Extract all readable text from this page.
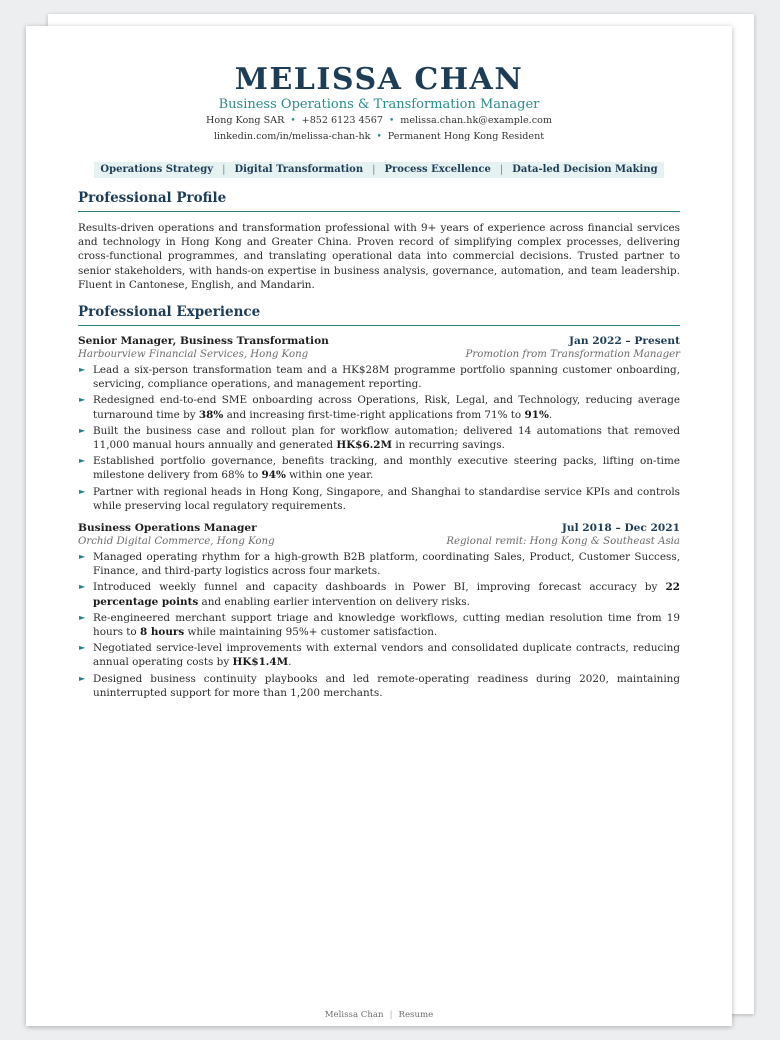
MELISSA CHAN
Business Operations & Transformation Manager
Hong Kong SAR • +852 6123 4567 • melissa.chan.hk@example.com
linkedin.com/in/melissa-chan-hk • Permanent Hong Kong Resident
Operations Strategy | Digital Transformation | Process Excellence | Data-led Decision Making
Professional Profile
Results-driven operations and transformation professional with 9+ years of experience across financial services and technology in Hong Kong and Greater China. Proven record of simplifying complex processes, delivering cross-functional programmes, and translating operational data into commercial decisions. Trusted partner to senior stakeholders, with hands-on expertise in business analysis, governance, automation, and team leadership. Fluent in Cantonese, English, and Mandarin.
Professional Experience
Senior Manager, Business Transformation	Jan 2022 – Present
Harbourview Financial Services, Hong Kong	Promotion from Transformation Manager
► Lead a six-person transformation team and a HK$28M programme portfolio spanning customer onboarding, servicing, compliance operations, and management reporting.
► Redesigned end-to-end SME onboarding across Operations, Risk, Legal, and Technology, reducing average turnaround time by 38% and increasing first-time-right applications from 71% to 91%.
► Built the business case and rollout plan for workflow automation; delivered 14 automations that removed 11,000 manual hours annually and generated HK$6.2M in recurring savings.
► Established portfolio governance, benefits tracking, and monthly executive steering packs, lifting on-time milestone delivery from 68% to 94% within one year.
► Partner with regional heads in Hong Kong, Singapore, and Shanghai to standardise service KPIs and controls while preserving local regulatory requirements.
Business Operations Manager	Jul 2018 – Dec 2021
Orchid Digital Commerce, Hong Kong	Regional remit: Hong Kong & Southeast Asia
► Managed operating rhythm for a high-growth B2B platform, coordinating Sales, Product, Customer Success, Finance, and third-party logistics across four markets.
► Introduced weekly funnel and capacity dashboards in Power BI, improving forecast accuracy by 22 percentage points and enabling earlier intervention on delivery risks.
► Re-engineered merchant support triage and knowledge workflows, cutting median resolution time from 19 hours to 8 hours while maintaining 95%+ customer satisfaction.
► Negotiated service-level improvements with external vendors and consolidated duplicate contracts, reducing annual operating costs by HK$1.4M.
► Designed business continuity playbooks and led remote-operating readiness during 2020, maintaining uninterrupted support for more than 1,200 merchants.
Melissa Chan | Resume
